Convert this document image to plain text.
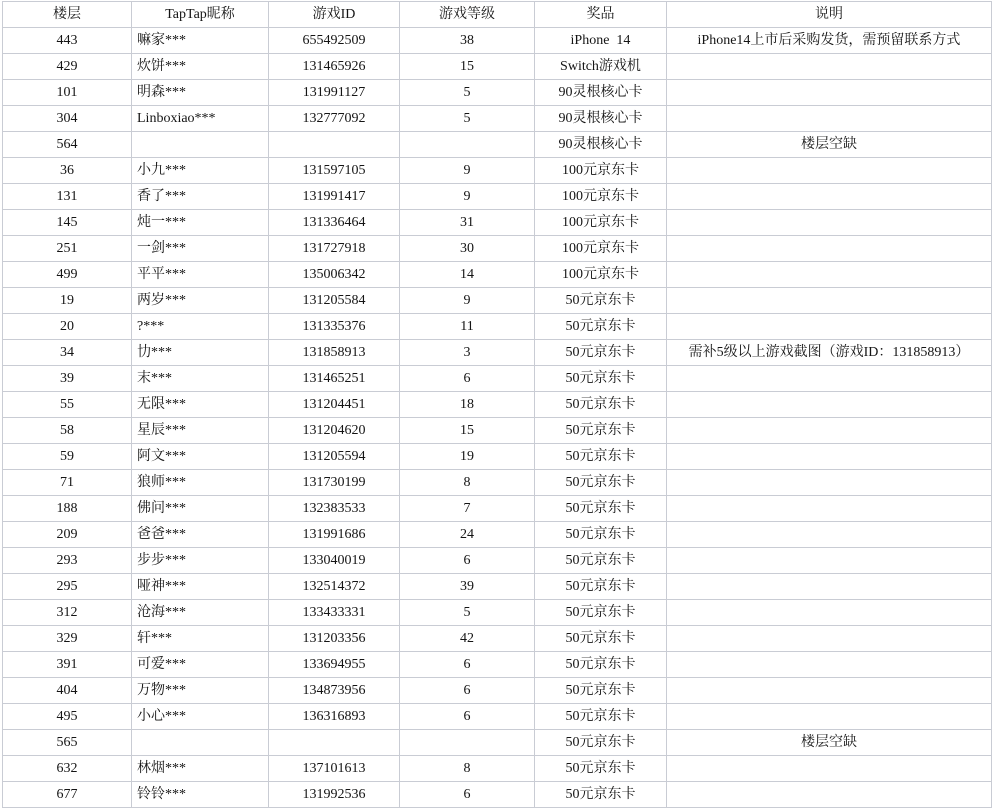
楼层	TapTap昵称	游戏ID	游戏等级	奖品	说明
443	嘛家***	655492509	38	iPhone  14	iPhone14上市后采购发货，需预留联系方式
429	炊饼***	131465926	15	Switch游戏机	
101	明森***	131991127	5	90灵根核心卡	
304	Linboxiao***	132777092	5	90灵根核心卡	
564				90灵根核心卡	楼层空缺
36	小九***	131597105	9	100元京东卡	
131	香了***	131991417	9	100元京东卡	
145	炖一***	131336464	31	100元京东卡	
251	一剑***	131727918	30	100元京东卡	
499	平平***	135006342	14	100元京东卡	
19	两岁***	131205584	9	50元京东卡	
20	?***	131335376	11	50元京东卡	
34	㔹***	131858913	3	50元京东卡	需补5级以上游戏截图（游戏ID：131858913）
39	末***	131465251	6	50元京东卡	
55	无限***	131204451	18	50元京东卡	
58	星辰***	131204620	15	50元京东卡	
59	阿文***	131205594	19	50元京东卡	
71	狼师***	131730199	8	50元京东卡	
188	佛问***	132383533	7	50元京东卡	
209	爸爸***	131991686	24	50元京东卡	
293	步步***	133040019	6	50元京东卡	
295	哑神***	132514372	39	50元京东卡	
312	沧海***	133433331	5	50元京东卡	
329	轩***	131203356	42	50元京东卡	
391	可爱***	133694955	6	50元京东卡	
404	万物***	134873956	6	50元京东卡	
495	小心***	136316893	6	50元京东卡	
565				50元京东卡	楼层空缺
632	林烟***	137101613	8	50元京东卡	
677	铃铃***	131992536	6	50元京东卡	
